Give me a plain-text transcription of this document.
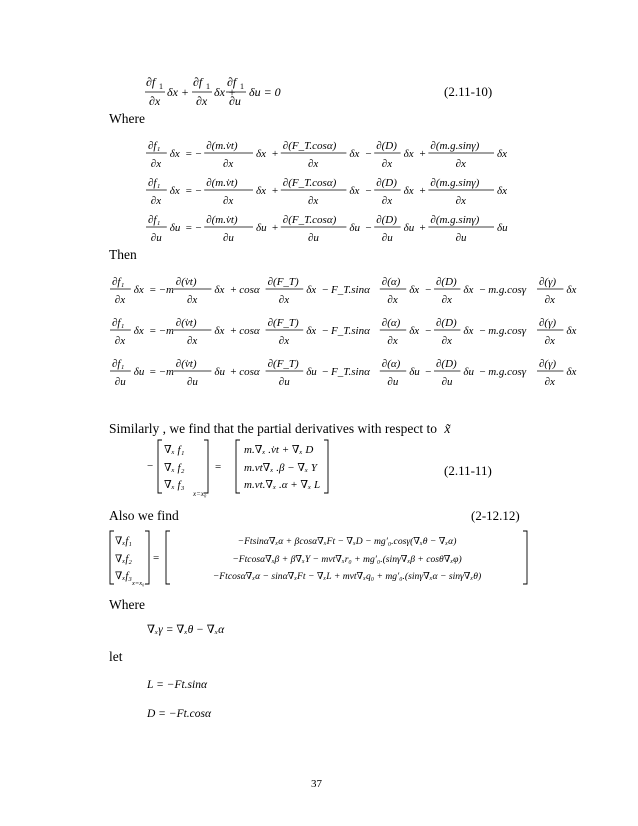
∂f 1
∂x
δx +
∂f 1
∂x
δx +
∂f 1
∂u
δu = 0	(2.11-10)
Where
∂f₁
∂x
δx = −
∂(m.v̇t)
∂x
δx +
∂(F_T.cosα)
∂x
δx −
∂(D)
∂x
δx +
∂(m.g.sinγ)
∂x
δx
∂f₁
∂x
δx = −
∂(m.v̇t)
∂x
δx +
∂(F_T.cosα)
∂x
δx −
∂(D)
∂x
δx +
∂(m.g.sinγ)
∂x
δx
∂f₁
∂u
δu = −
∂(m.v̇t)
∂u
δu +
∂(F_T.cosα)
∂u
δu −
∂(D)
∂u
δu +
∂(m.g.sinγ)
∂u
δu
Then
∂f₁
∂x
δx = −m
∂(v̇t)
∂x
δx + cosα
∂(F_T)
∂x
δx − F_T.sinα
∂(α)
∂x
δx −
∂(D)
∂x
δx − m.g.cosγ
∂(γ)
∂x
δx
∂f₁
∂x
δx = −m
∂(v̇t)
∂x
δx + cosα
∂(F_T)
∂x
δx − F_T.sinα
∂(α)
∂x
δx −
∂(D)
∂x
δx − m.g.cosγ
∂(γ)
∂x
δx
∂f₁
∂u
δu = −m
∂(v̇t)
∂u
δu + cosα
∂(F_T)
∂u
δu − F_T.sinα
∂(α)
∂u
δu −
∂(D)
∂u
δu − m.g.cosγ
∂(γ)
∂x
δx
Similarly , we find that the partial derivatives with respect to x̃
−	=
∇ₓ f₁
∇ₓ f₂
∇ₓ f₃
x=x₀
m.∇ₓ .v̇t + ∇ₓ D
m.vt∇ₓ .β − ∇ₓ Y
m.vt.∇ₓ .α + ∇ₓ L
(2.11-11)
Also we find	(2-12.12)
=
∇ₓf₁
∇ₓf₂
∇ₓf₃
x=x₀
−Ftsinα∇ₓα + βcosα∇ₓFt − ∇ₓD − mg′₀.cosγ(∇ₓθ − ∇ₓα)
−Ftcosα∇ₓβ + β∇ₓY − mvt∇ₓr₀ + mg′₀.(sinγ∇ₓβ + cosθ∇ₓφ)
−Ftcosα∇ₓα − sinα∇ₓFt − ∇ₓL + mvt∇ₓq₀ + mg′₀.(sinγ∇ₓα − sinγ∇ₓθ)
Where
∇ₓγ = ∇ₓθ − ∇ₓα
let
L = −Ft.sinα
D = −Ft.cosα
37
